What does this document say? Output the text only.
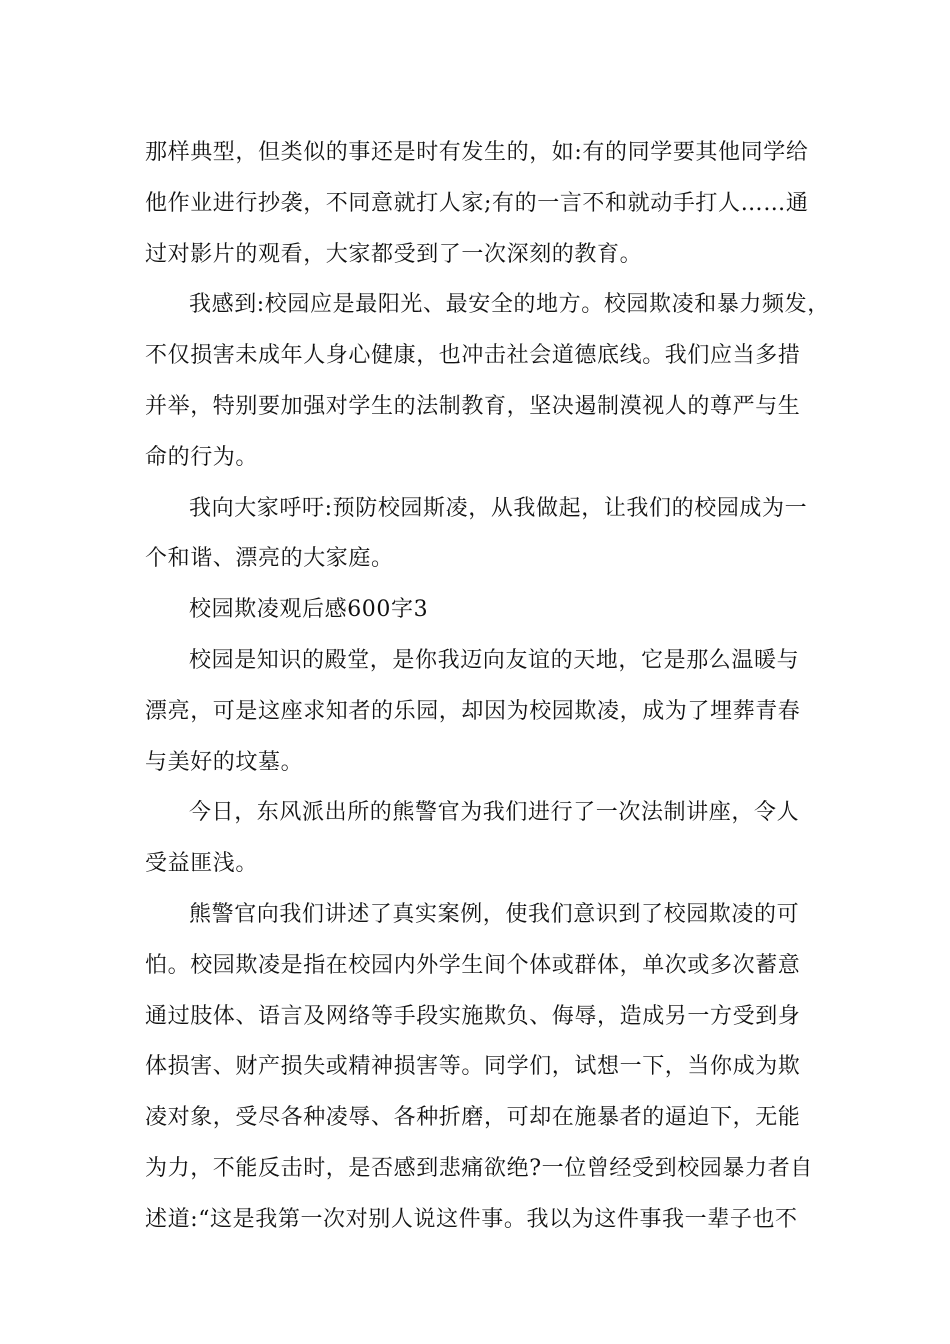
那样典型，但类似的事还是时有发生的，如:有的同学要其他同学给
他作业进行抄袭，不同意就打人家;有的一言不和就动手打人……通
过对影片的观看，大家都受到了一次深刻的教育。
我感到:校园应是最阳光、最安全的地方。校园欺凌和暴力频发，
不仅损害未成年人身心健康，也冲击社会道德底线。我们应当多措
并举，特别要加强对学生的法制教育，坚决遏制漠视人的尊严与生
命的行为。
我向大家呼吁:预防校园斯凌，从我做起，让我们的校园成为一
个和谐、漂亮的大家庭。
校园欺凌观后感600字3
校园是知识的殿堂，是你我迈向友谊的天地，它是那么温暖与
漂亮，可是这座求知者的乐园，却因为校园欺凌，成为了埋葬青春
与美好的坟墓。
今日，东风派出所的熊警官为我们进行了一次法制讲座，令人
受益匪浅。
熊警官向我们讲述了真实案例，使我们意识到了校园欺凌的可
怕。校园欺凌是指在校园内外学生间个体或群体，单次或多次蓄意
通过肢体、语言及网络等手段实施欺负、侮辱，造成另一方受到身
体损害、财产损失或精神损害等。同学们，试想一下，当你成为欺
凌对象，受尽各种凌辱、各种折磨，可却在施暴者的逼迫下，无能
为力，不能反击时，是否感到悲痛欲绝?一位曾经受到校园暴力者自
述道:“这是我第一次对别人说这件事。我以为这件事我一辈子也不
